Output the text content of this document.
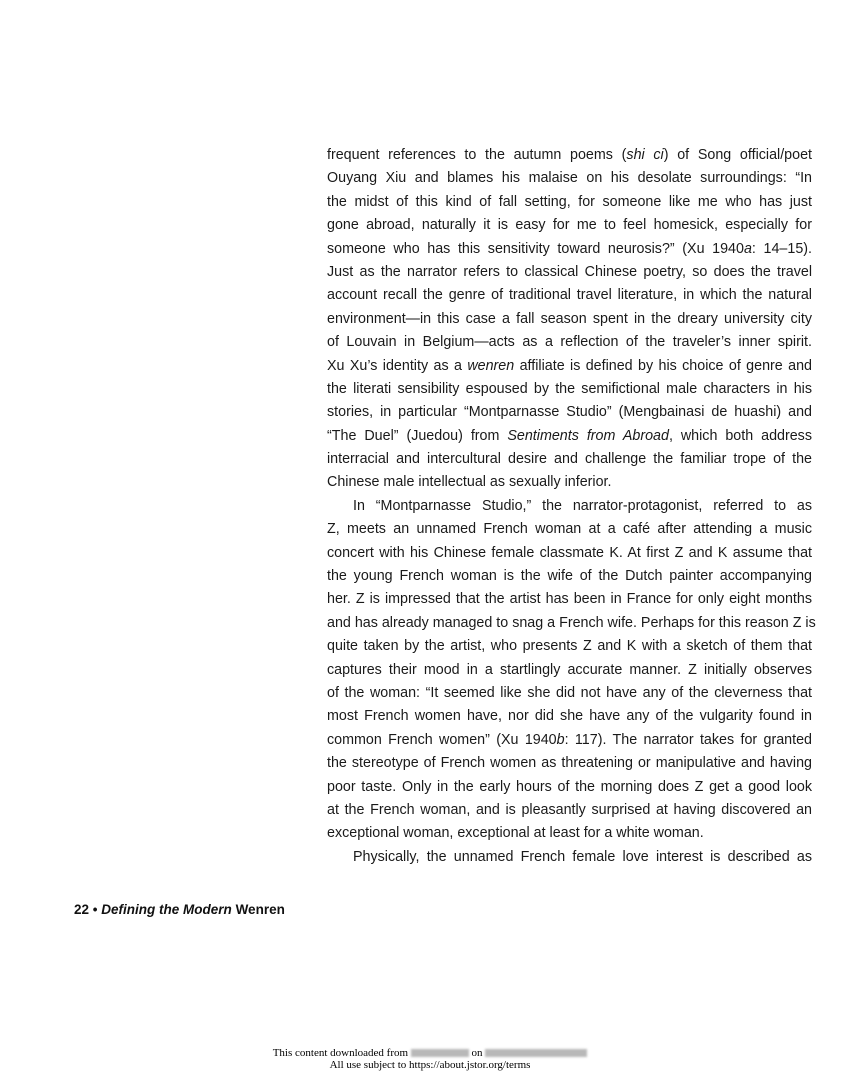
frequent references to the autumn poems (shi ci) of Song official/poet
Ouyang Xiu and blames his malaise on his desolate surroundings: “In
the midst of this kind of fall setting, for someone like me who has just
gone abroad, naturally it is easy for me to feel homesick, especially for
someone who has this sensitivity toward neurosis?” (Xu 1940a: 14–15).
Just as the narrator refers to classical Chinese poetry, so does the travel
account recall the genre of traditional travel literature, in which the natural
environment—in this case a fall season spent in the dreary university city
of Louvain in Belgium—acts as a reflection of the traveler’s inner spirit.
Xu Xu’s identity as a wenren affiliate is defined by his choice of genre and
the literati sensibility espoused by the semifictional male characters in his
stories, in particular “Montparnasse Studio” (Mengbainasi de huashi) and
“The Duel” (Juedou) from Sentiments from Abroad, which both address
interracial and intercultural desire and challenge the familiar trope of the
Chinese male intellectual as sexually inferior.
In “Montparnasse Studio,” the narrator-protagonist, referred to as
Z, meets an unnamed French woman at a café after attending a music
concert with his Chinese female classmate K. At first Z and K assume that
the young French woman is the wife of the Dutch painter accompanying
her. Z is impressed that the artist has been in France for only eight months
and has already managed to snag a French wife. Perhaps for this reason Z is
quite taken by the artist, who presents Z and K with a sketch of them that
captures their mood in a startlingly accurate manner. Z initially observes
of the woman: “It seemed like she did not have any of the cleverness that
most French women have, nor did she have any of the vulgarity found in
common French women” (Xu 1940b: 117). The narrator takes for granted
the stereotype of French women as threatening or manipulative and having
poor taste. Only in the early hours of the morning does Z get a good look
at the French woman, and is pleasantly surprised at having discovered an
exceptional woman, exceptional at least for a white woman.
Physically, the unnamed French female love interest is described as
22 • Defining the Modern Wenren
This content downloaded from	on
All use subject to https://about.jstor.org/terms
